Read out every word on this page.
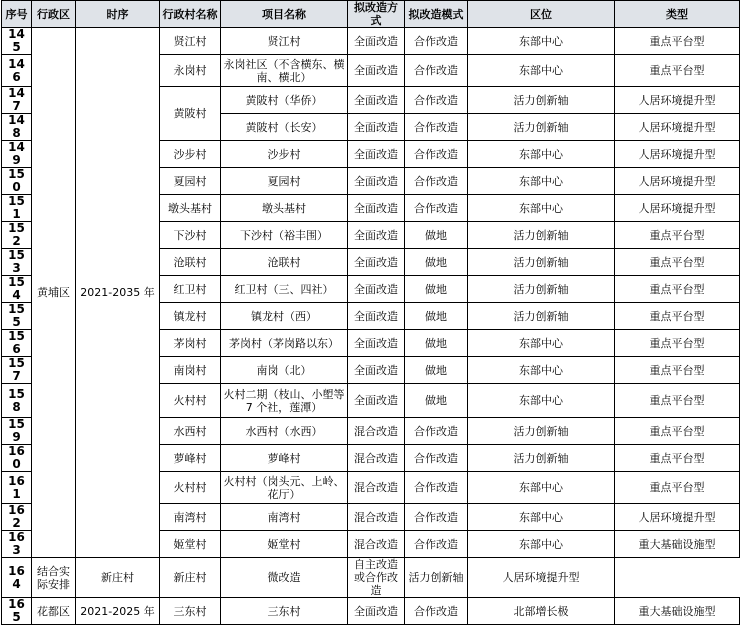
序号	行政区	时序	行政村名称	项目名称	拟改造方式	拟改造模式	区位	类型
145	黄埔区	2021-2035 年	贤江村	贤江村	全面改造	合作改造	东部中心	重点平台型
146			永岗村	永岗社区（不含横东、横南、横北）	全面改造	合作改造	东部中心	重点平台型
147			黄陂村	黄陂村（华侨）	全面改造	合作改造	活力创新轴	人居环境提升型
148				黄陂村（长安）	全面改造	合作改造	活力创新轴	人居环境提升型
149			沙步村	沙步村	全面改造	合作改造	东部中心	人居环境提升型
150			夏园村	夏园村	全面改造	合作改造	东部中心	人居环境提升型
151			墩头基村	墩头基村	全面改造	合作改造	东部中心	人居环境提升型
152			下沙村	下沙村（裕丰围）	全面改造	做地	活力创新轴	重点平台型
153			沧联村	沧联村	全面改造	做地	活力创新轴	重点平台型
154			红卫村	红卫村（三、四社）	全面改造	做地	活力创新轴	重点平台型
155			镇龙村	镇龙村（西）	全面改造	做地	活力创新轴	重点平台型
156			茅岗村	茅岗村（茅岗路以东）	全面改造	做地	东部中心	重点平台型
157			南岗村	南岗（北）	全面改造	做地	东部中心	重点平台型
158			火村村	火村二期（枝山、小塱等 7 个社，莲潭）	全面改造	做地	东部中心	重点平台型
159			水西村	水西村（水西）	混合改造	合作改造	活力创新轴	重点平台型
160			萝峰村	萝峰村	混合改造	合作改造	活力创新轴	重点平台型
161			火村村	火村村（岗头元、上岭、花厅）	混合改造	合作改造	东部中心	重点平台型
162			南湾村	南湾村	混合改造	合作改造	东部中心	人居环境提升型
163			姬堂村	姬堂村	混合改造	合作改造	东部中心	重大基础设施型
164	结合实际安排	新庄村	新庄村	微改造	自主改造或合作改造	活力创新轴	人居环境提升型	
165	花都区	2021-2025 年	三东村	三东村	全面改造	合作改造	北部增长极	重大基础设施型
